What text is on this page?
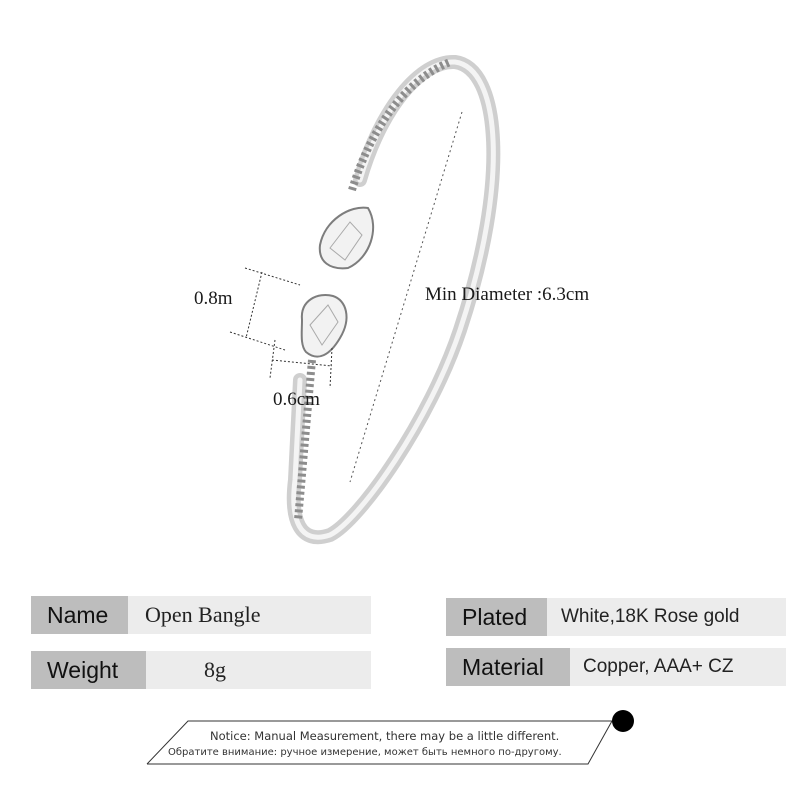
0.8m
0.6cm
Min Diameter :6.3cm
Name	Open Bangle
Weight	8g
Plated	White,18K Rose gold
Material	Copper, AAA+ CZ
Notice: Manual Measurement, there may be a little different.
Обратите внимание: ручное измерение, может быть немного по-другому.
